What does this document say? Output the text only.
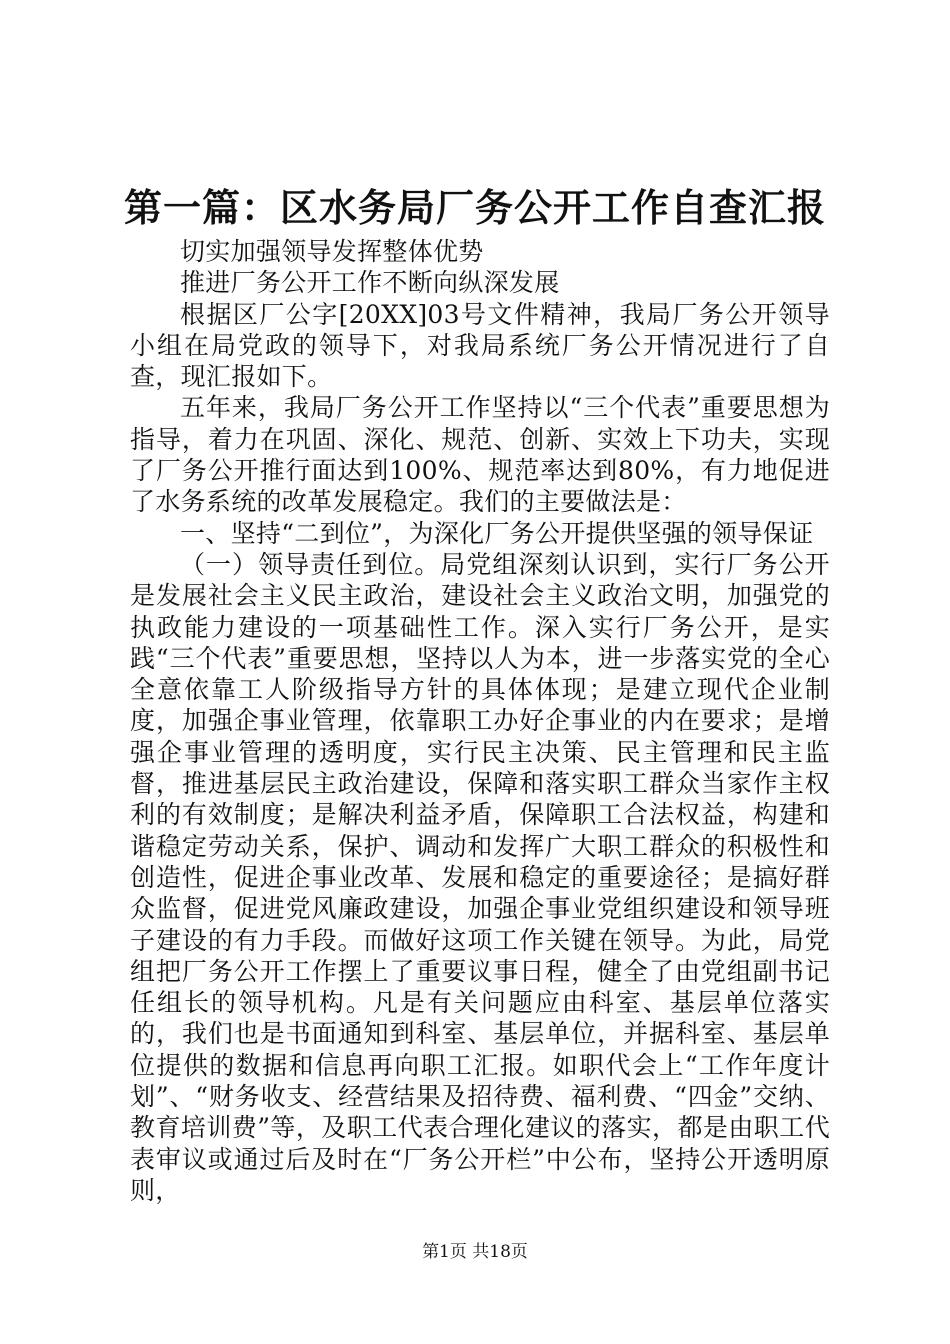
第一篇：区水务局厂务公开工作自查汇报

切实加强领导发挥整体优势

推进厂务公开工作不断向纵深发展

根据区厂公字[20XX]03号文件精神，我局厂务公开领导小组在局党政的领导下，对我局系统厂务公开情况进行了自查，现汇报如下。

五年来，我局厂务公开工作坚持以“三个代表”重要思想为指导，着力在巩固、深化、规范、创新、实效上下功夫，实现了厂务公开推行面达到100%、规范率达到80%，有力地促进了水务系统的改革发展稳定。我们的主要做法是：

一、坚持“二到位”，为深化厂务公开提供坚强的领导保证

（一）领导责任到位。局党组深刻认识到，实行厂务公开是发展社会主义民主政治，建设社会主义政治文明，加强党的执政能力建设的一项基础性工作。深入实行厂务公开，是实践“三个代表”重要思想，坚持以人为本，进一步落实党的全心全意依靠工人阶级指导方针的具体体现；是建立现代企业制度，加强企事业管理，依靠职工办好企事业的内在要求；是增强企事业管理的透明度，实行民主决策、民主管理和民主监督，推进基层民主政治建设，保障和落实职工群众当家作主权利的有效制度；是解决利益矛盾，保障职工合法权益，构建和谐稳定劳动关系，保护、调动和发挥广大职工群众的积极性和创造性，促进企事业改革、发展和稳定的重要途径；是搞好群众监督，促进党风廉政建设，加强企事业党组织建设和领导班子建设的有力手段。而做好这项工作关键在领导。为此，局党组把厂务公开工作摆上了重要议事日程，健全了由党组副书记任组长的领导机构。凡是有关问题应由科室、基层单位落实的，我们也是书面通知到科室、基层单位，并据科室、基层单位提供的数据和信息再向职工汇报。如职代会上“工作年度计划”、“财务收支、经营结果及招待费、福利费、“四金”交纳、教育培训费”等，及职工代表合理化建议的落实，都是由职工代表审议或通过后及时在“厂务公开栏”中公布，坚持公开透明原则，

第1页 共18页
